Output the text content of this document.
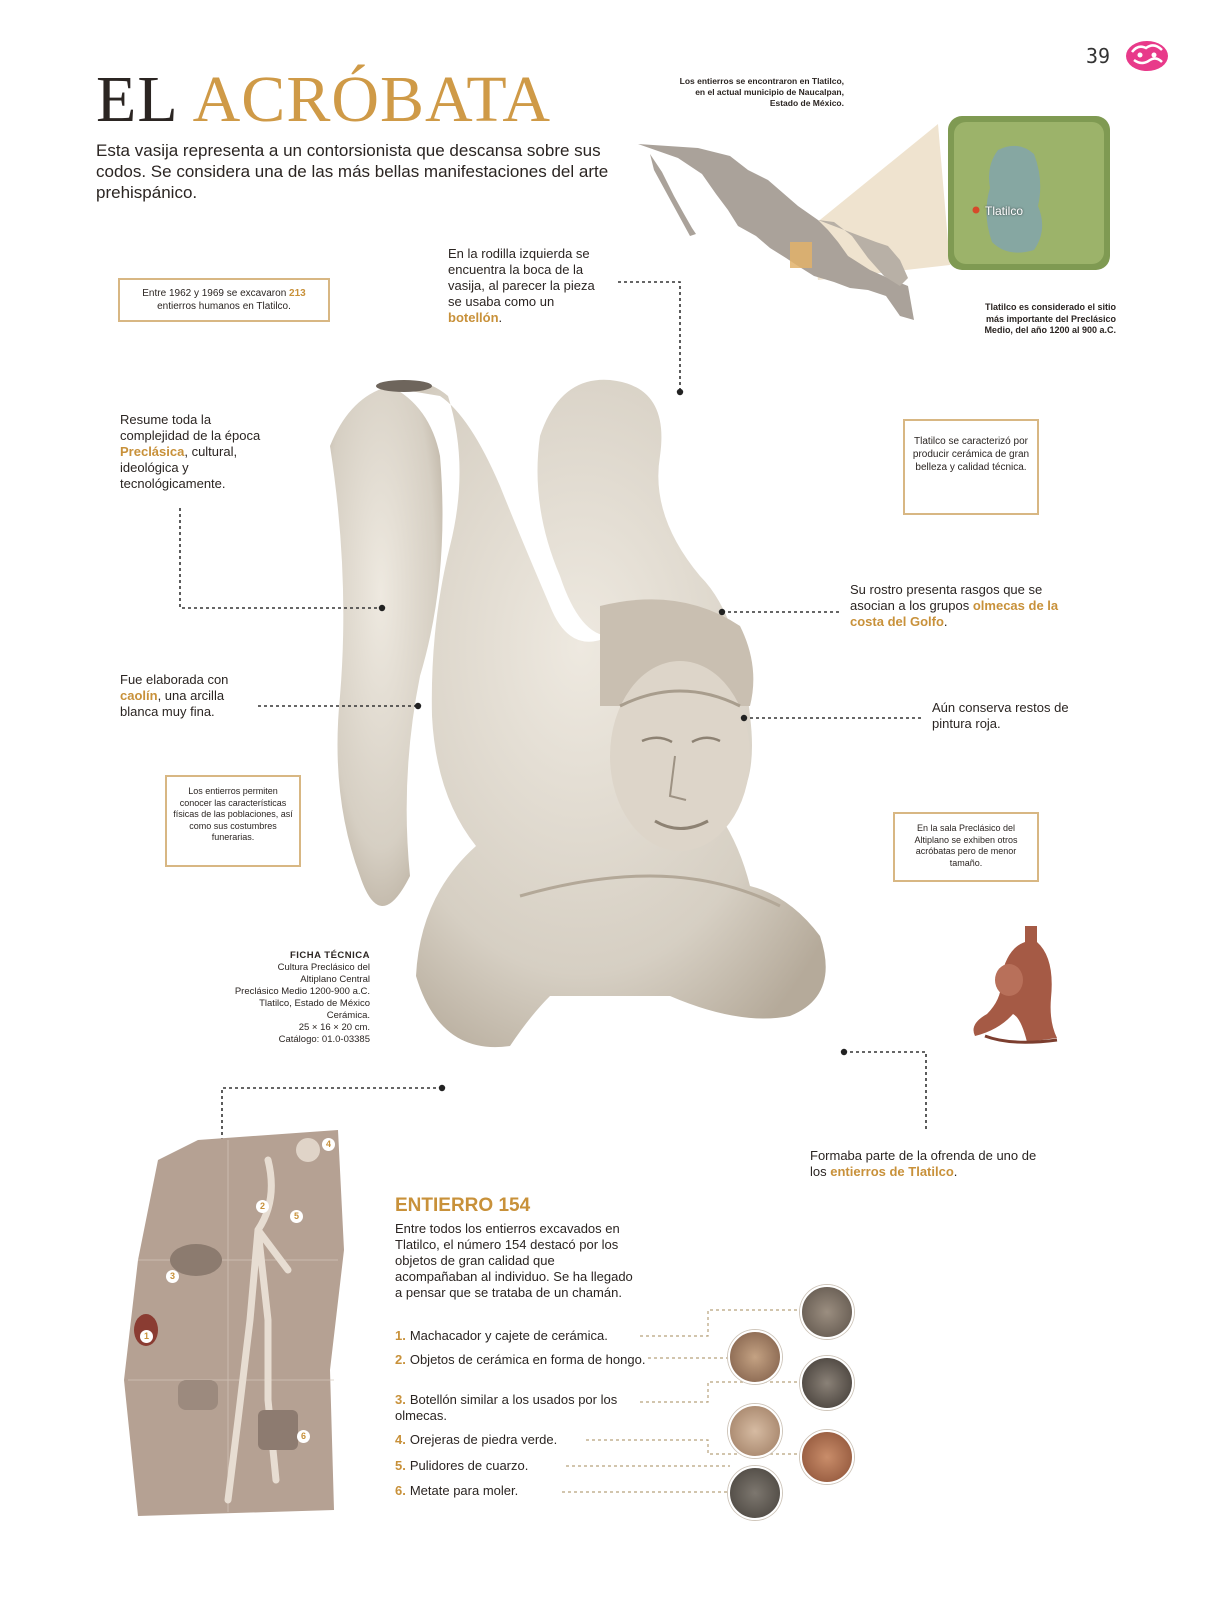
39
EL ACRÓBATA
Esta vasija representa a un contorsionista que descansa sobre sus codos. Se considera una de las más bellas manifestaciones del arte prehispánico.
Los entierros se encontraron en Tlatilco, en el actual municipio de Naucalpan, Estado de México.
Tlatilco
Tlatilco es considerado el sitio más importante del Preclásico Medio, del año 1200 al 900 a.C.
Entre 1962 y 1969 se excavaron 213 entierros humanos en Tlatilco.
Resume toda la complejidad de la época Preclásica, cultural, ideológica y tecnológicamente.
Fue elaborada con caolín, una arcilla blanca muy fina.
Los entierros permiten conocer las características físicas de las poblaciones, así como sus costumbres funerarias.
FICHA TÉCNICA
Cultura Preclásico del
Altiplano Central
Preclásico Medio 1200-900 a.C.
Tlatilco, Estado de México
Cerámica.
25 × 16 × 20 cm.
Catálogo: 01.0-03385
En la rodilla izquierda se encuentra la boca de la vasija, al parecer la pieza se usaba como un botellón.
Tlatilco se caracterizó por producir cerámica de gran belleza y calidad técnica.
Su rostro presenta rasgos que se asocian a los grupos olmecas de la costa del Golfo.
Aún conserva restos de pintura roja.
En la sala Preclásico del Altiplano se exhiben otros acróbatas pero de menor tamaño.
Formaba parte de la ofrenda de uno de los entierros de Tlatilco.
1
2
3
4
5
6
ENTIERRO 154
Entre todos los entierros excavados en Tlatilco, el número 154 destacó por los objetos de gran calidad que acompañaban al individuo. Se ha llegado a pensar que se trataba de un chamán.
1. Machacador y cajete de cerámica.
2. Objetos de cerámica en forma de hongo.
3. Botellón similar a los usados por los olmecas.
4. Orejeras de piedra verde.
5. Pulidores de cuarzo.
6. Metate para moler.
